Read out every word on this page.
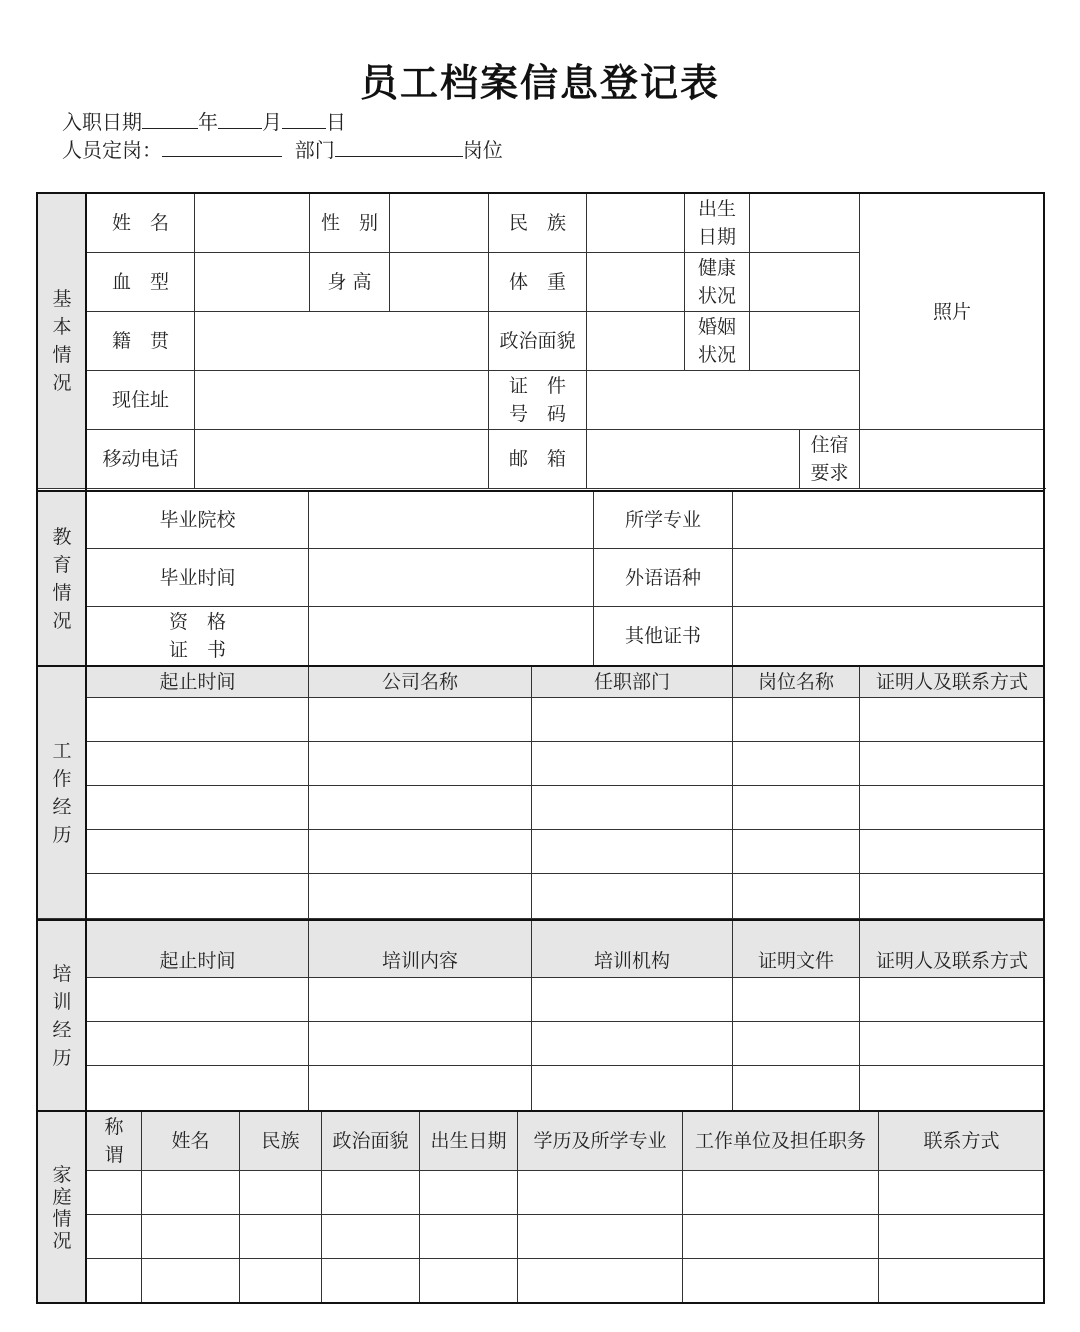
员工档案信息登记表
入职日期	年 月 日
人员定岗：	部门	岗位
基本情况	姓　名		性　别		民　族		出生日期			照片
	血　型		身 高		体　重		健康状况			

	籍　贯				政治面貌		婚姻状况			

	现住址				证　件号　码					

	移动电话				邮　箱				住宿要求	

教育情况	毕业院校		所学专业	
	毕业时间		外语语种	

	资　格证　书		其他证书	
工作经历	起止时间	公司名称	任职部门	岗位名称	证明人及联系方式

培训经历	起止时间	培训内容	培训机构	证明文件	证明人及联系方式

家庭情况	称谓	姓名	民族	政治面貌	出生日期	学历及所学专业	工作单位及担任职务	联系方式
